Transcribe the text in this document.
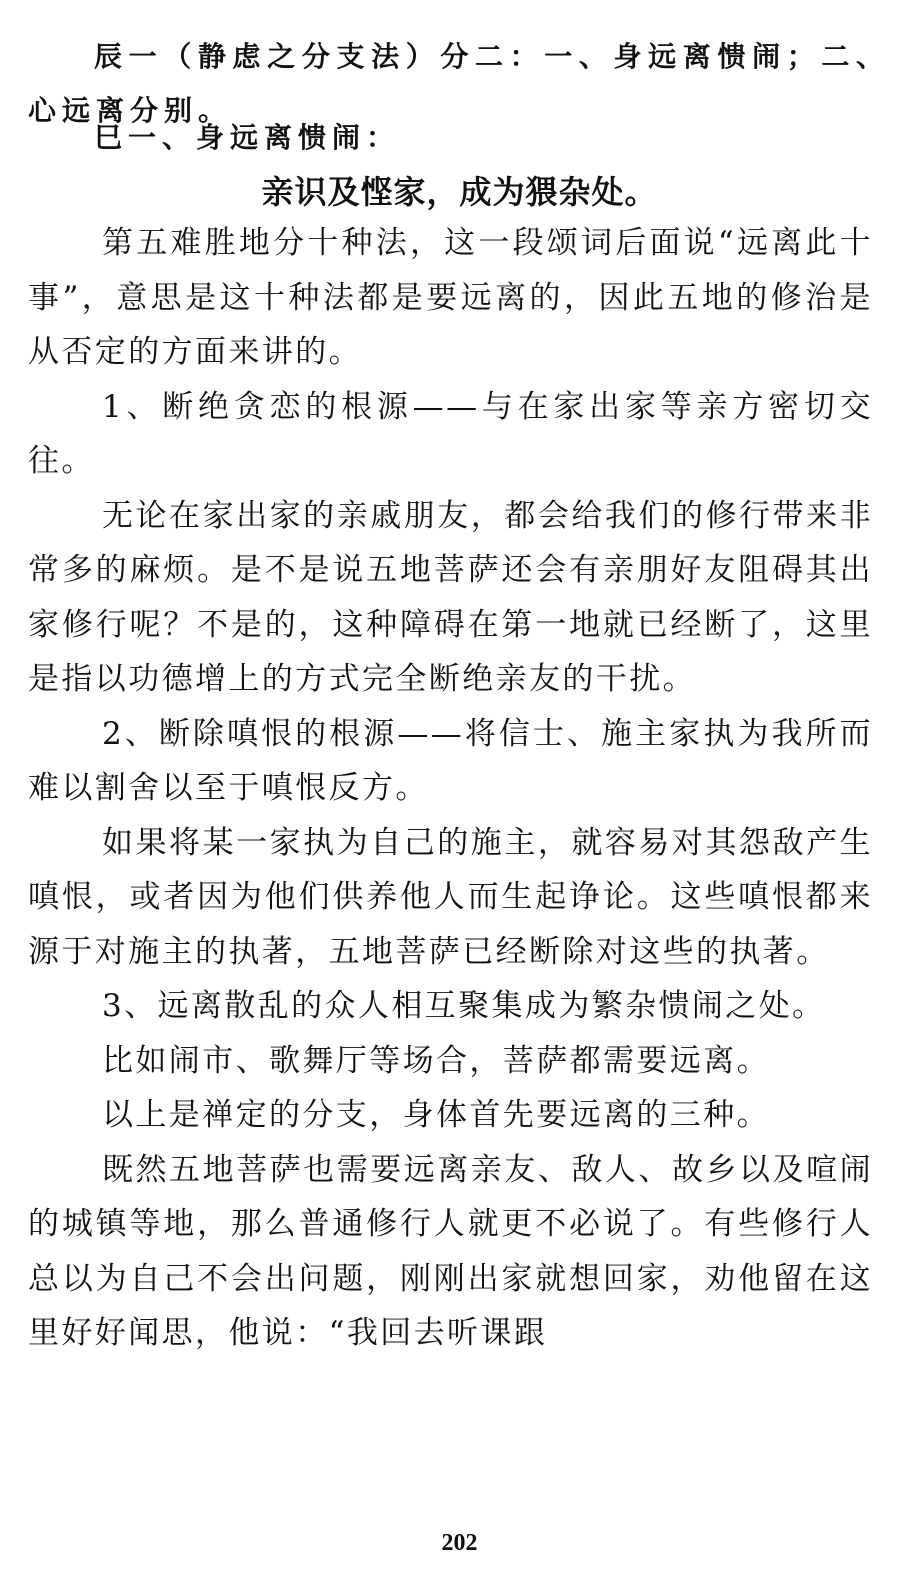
辰一（静虑之分支法）分二：一、身远离愦闹；二、心远离分别。

巳一、身远离愦闹：

亲识及悭家，成为猥杂处。

第五难胜地分十种法，这一段颂词后面说“远离此十事”，意思是这十种法都是要远离的，因此五地的修治是从否定的方面来讲的。

1、断绝贪恋的根源——与在家出家等亲方密切交往。

无论在家出家的亲戚朋友，都会给我们的修行带来非常多的麻烦。是不是说五地菩萨还会有亲朋好友阻碍其出家修行呢？不是的，这种障碍在第一地就已经断了，这里是指以功德增上的方式完全断绝亲友的干扰。

2、断除嗔恨的根源——将信士、施主家执为我所而难以割舍以至于嗔恨反方。

如果将某一家执为自己的施主，就容易对其怨敌产生嗔恨，或者因为他们供养他人而生起诤论。这些嗔恨都来源于对施主的执著，五地菩萨已经断除对这些的执著。

3、远离散乱的众人相互聚集成为繁杂愦闹之处。

比如闹市、歌舞厅等场合，菩萨都需要远离。

以上是禅定的分支，身体首先要远离的三种。

既然五地菩萨也需要远离亲友、敌人、故乡以及喧闹的城镇等地，那么普通修行人就更不必说了。有些修行人总以为自己不会出问题，刚刚出家就想回家，劝他留在这里好好闻思，他说：“我回去听课跟

202
